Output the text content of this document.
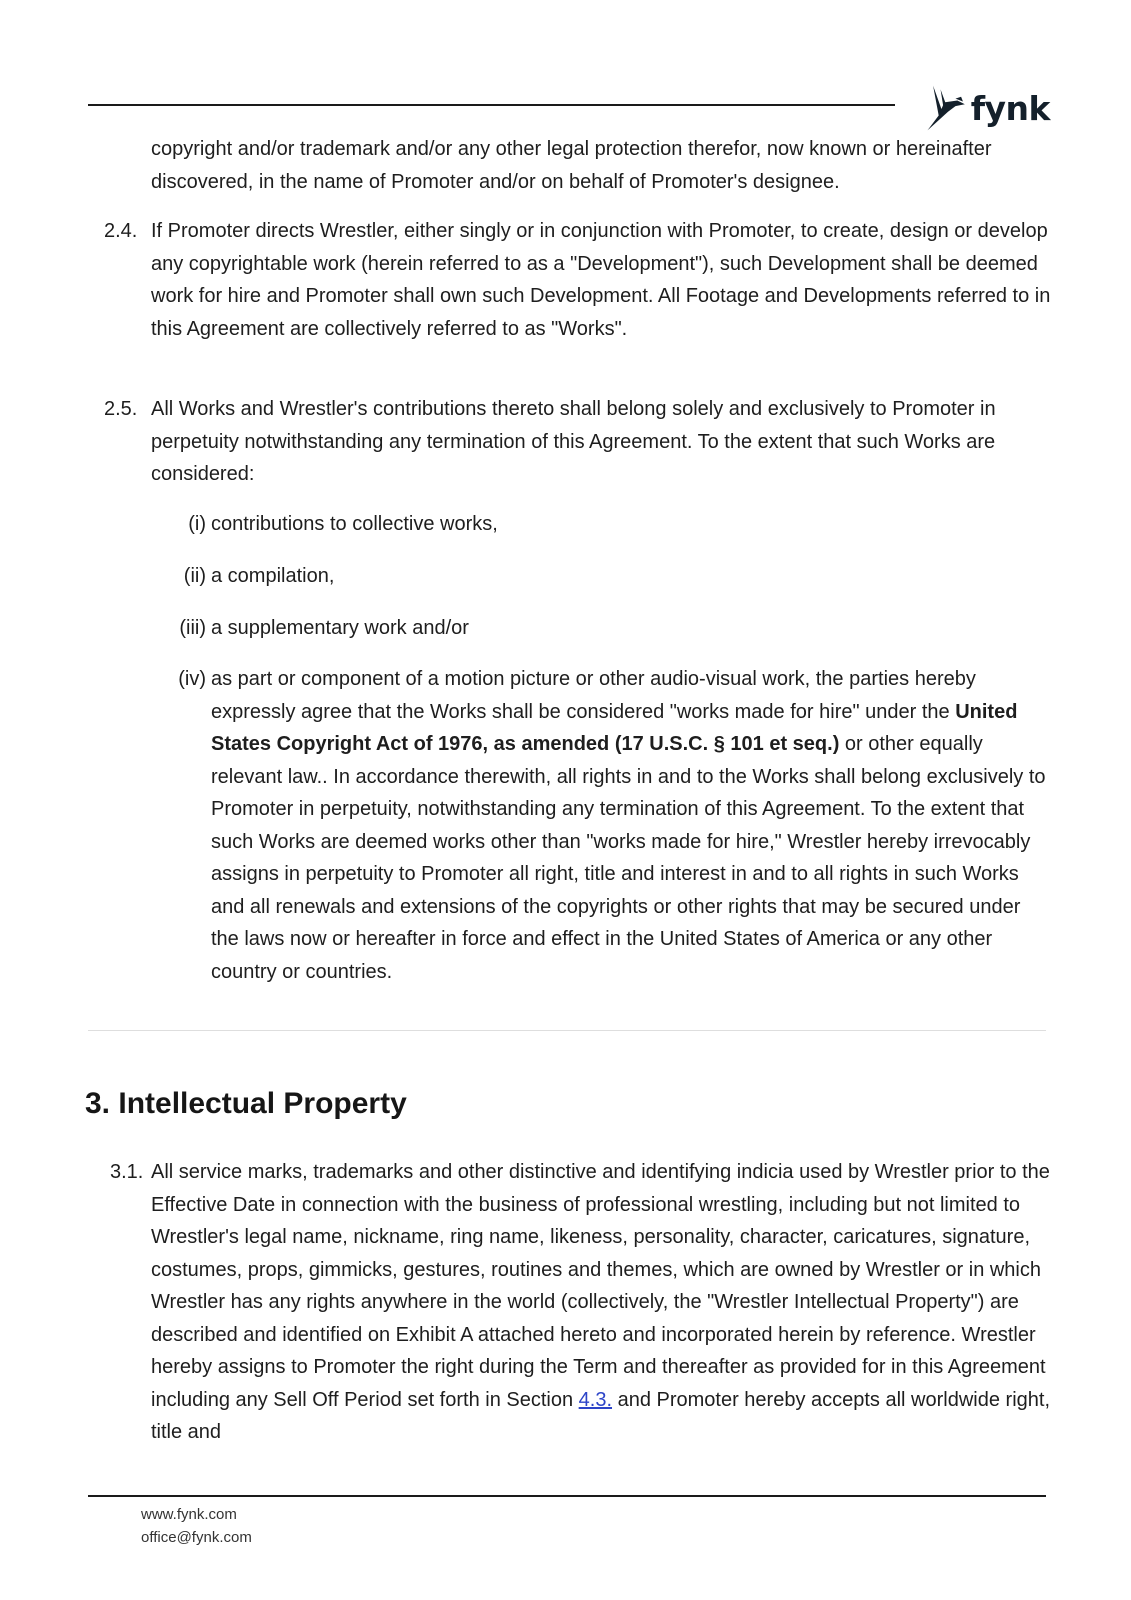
fynk

copyright and/or trademark and/or any other legal protection therefor, now known or hereinafter discovered, in the name of Promoter and/or on behalf of Promoter's designee.

2.4. If Promoter directs Wrestler, either singly or in conjunction with Promoter, to create, design or develop any copyrightable work (herein referred to as a "Development"), such Development shall be deemed work for hire and Promoter shall own such Development. All Footage and Developments referred to in this Agreement are collectively referred to as "Works".

2.5. All Works and Wrestler's contributions thereto shall belong solely and exclusively to Promoter in perpetuity notwithstanding any termination of this Agreement. To the extent that such Works are considered:

(i) contributions to collective works,

(ii) a compilation,

(iii) a supplementary work and/or

(iv) as part or component of a motion picture or other audio-visual work, the parties hereby expressly agree that the Works shall be considered "works made for hire" under the United States Copyright Act of 1976, as amended (17 U.S.C. § 101 et seq.) or other equally relevant law.. In accordance therewith, all rights in and to the Works shall belong exclusively to Promoter in perpetuity, notwithstanding any termination of this Agreement. To the extent that such Works are deemed works other than "works made for hire," Wrestler hereby irrevocably assigns in perpetuity to Promoter all right, title and interest in and to all rights in such Works and all renewals and extensions of the copyrights or other rights that may be secured under the laws now or hereafter in force and effect in the United States of America or any other country or countries.

3. Intellectual Property
3.1. All service marks, trademarks and other distinctive and identifying indicia used by Wrestler prior to the Effective Date in connection with the business of professional wrestling, including but not limited to Wrestler's legal name, nickname, ring name, likeness, personality, character, caricatures, signature, costumes, props, gimmicks, gestures, routines and themes, which are owned by Wrestler or in which Wrestler has any rights anywhere in the world (collectively, the "Wrestler Intellectual Property") are described and identified on Exhibit A attached hereto and incorporated herein by reference. Wrestler hereby assigns to Promoter the right during the Term and thereafter as provided for in this Agreement including any Sell Off Period set forth in Section 4.3. and Promoter hereby accepts all worldwide right, title and

www.fynk.com
office@fynk.com
